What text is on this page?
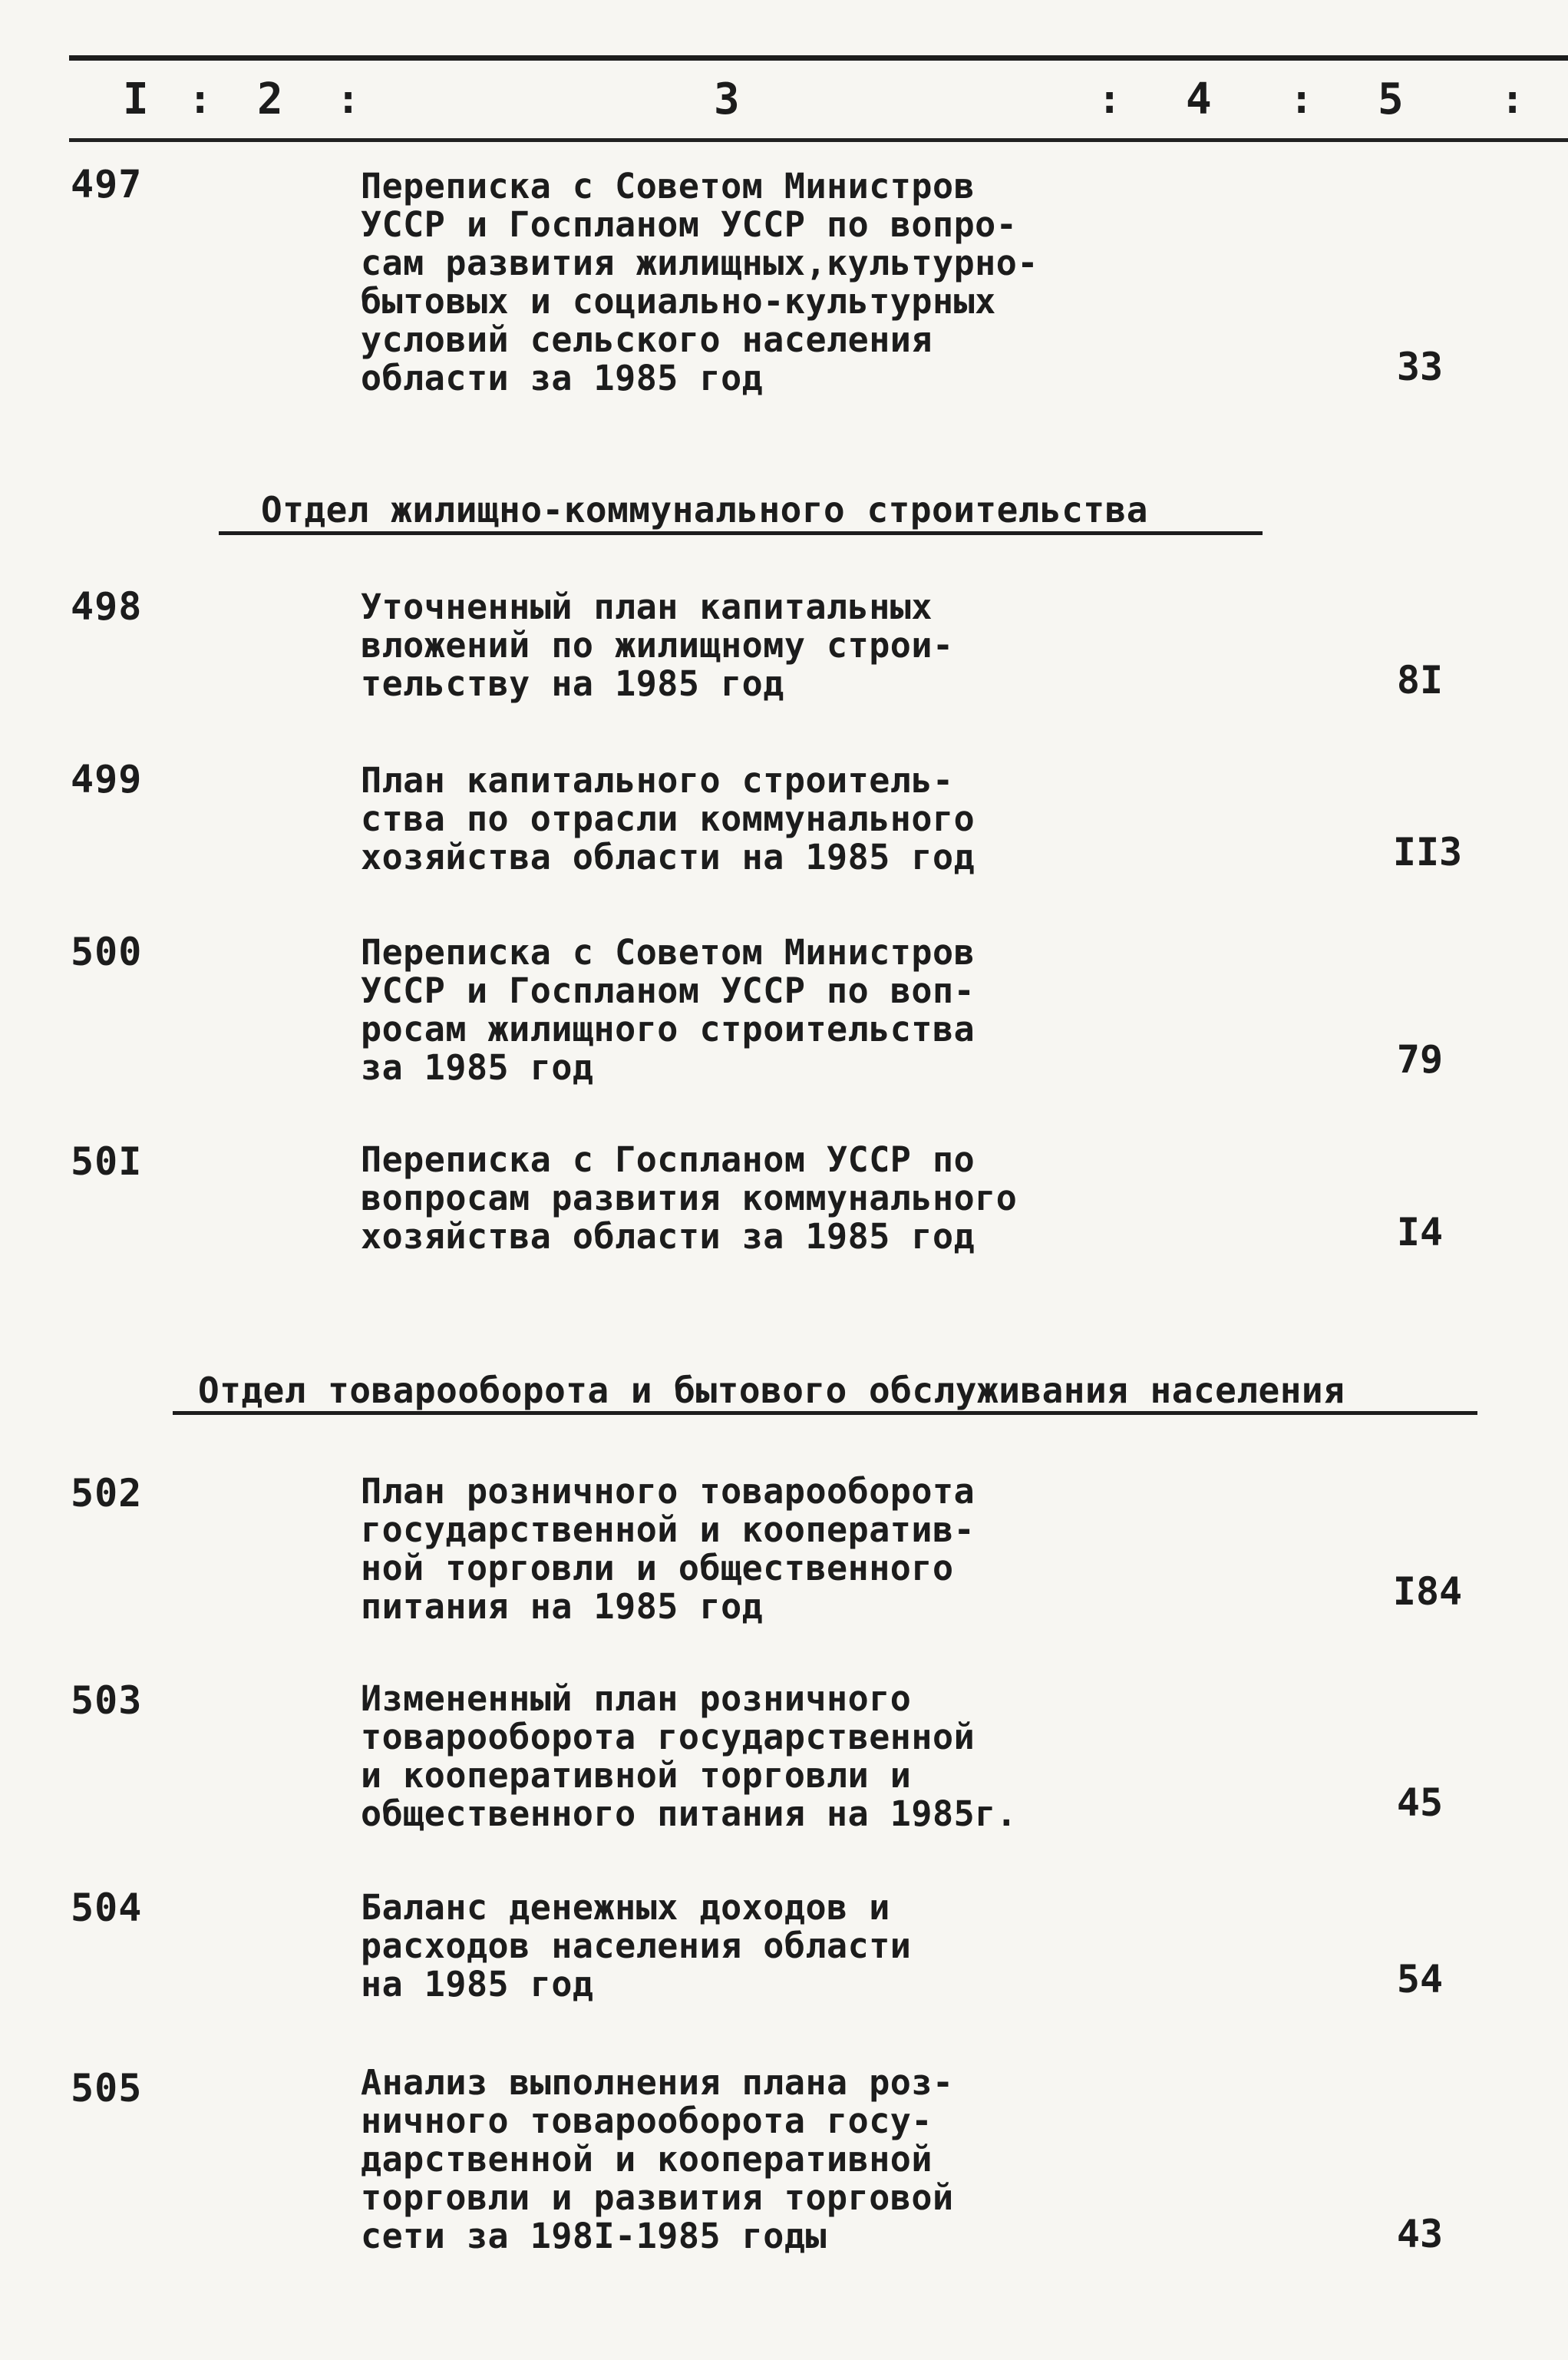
I : 2 :	3	: 4 : 5 :
497	Переписка с Советом Министров
УССР и Госпланом УССР по вопро-
сам развития жилищных,культурно-
бытовых и социально-культурных
условий сельского населения
области за 1985 год	33
Отдел жилищно-коммунального строительства
498	Уточненный план капитальных
вложений по жилищному строи-
тельству на 1985 год	8I
499	План капитального строитель-
ства по отрасли коммунального
хозяйства области на 1985 год	II3
500	Переписка с Советом Министров
УССР и Госпланом УССР по воп-
росам жилищного строительства
за 1985 год	79
50I	Переписка с Госпланом УССР по
вопросам развития коммунального
хозяйства области за 1985 год	I4
Отдел товарооборота и бытового обслуживания населения
502	План розничного товарооборота
государственной и кооператив-
ной торговли и общественного
питания на 1985 год	I84
503	Измененный план розничного
товарооборота государственной
и кооперативной торговли и
общественного питания на 1985г.	45
504	Баланс денежных доходов и
расходов населения области
на 1985 год	54
505	Анализ выполнения плана роз-
ничного товарооборота госу-
дарственной и кооперативной
торговли и развития торговой
сети за 198I-1985 годы	43
